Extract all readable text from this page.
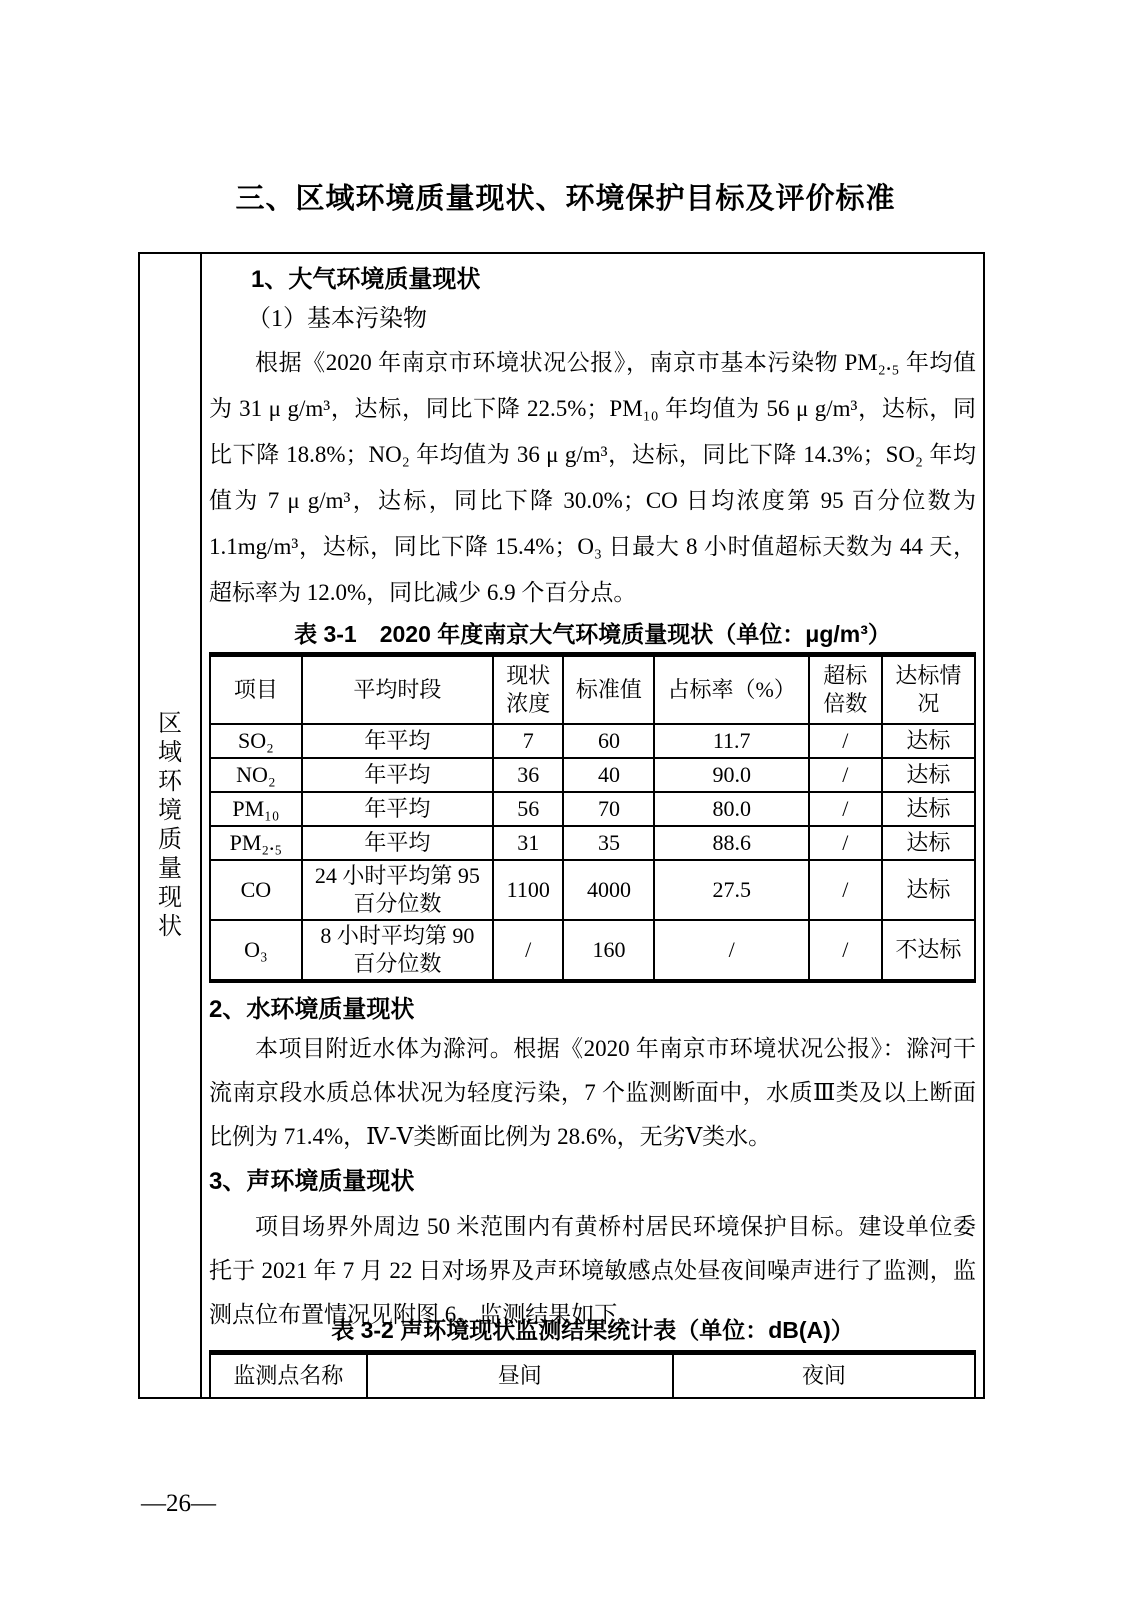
三、区域环境质量现状、环境保护目标及评价标准
区域环境质量现状

1、大气环境质量现状

（1）基本污染物

根据《2020 年南京市环境状况公报》，南京市基本污染物 PM₂.₅ 年均值为 31 μ g/m³，达标，同比下降 22.5%；PM₁₀ 年均值为 56 μ g/m³，达标，同比下降 18.8%；NO₂ 年均值为 36 μ g/m³，达标，同比下降 14.3%；SO₂ 年均值为 7 μ g/m³，达标，同比下降 30.0%；CO 日均浓度第 95 百分位数为 1.1mg/m³，达标，同比下降 15.4%；O₃ 日最大 8 小时值超标天数为 44 天，超标率为 12.0%，同比减少 6.9 个百分点。

表 3-1　2020 年度南京大气环境质量现状（单位：μg/m³）
项目	平均时段	现状浓度	标准值	占标率（%）	超标倍数	达标情况
SO₂	年平均	7	60	11.7	/	达标
NO₂	年平均	36	40	90.0	/	达标
PM₁₀	年平均	56	70	80.0	/	达标
PM₂.₅	年平均	31	35	88.6	/	达标
CO	24 小时平均第 95 百分位数	1100	4000	27.5	/	达标
O₃	8 小时平均第 90 百分位数	/	160	/	/	不达标

2、水环境质量现状

本项目附近水体为滁河。根据《2020 年南京市环境状况公报》：滁河干流南京段水质总体状况为轻度污染，7 个监测断面中，水质Ⅲ类及以上断面比例为 71.4%，Ⅳ-Ⅴ类断面比例为 28.6%，无劣Ⅴ类水。

3、声环境质量现状

项目场界外周边 50 米范围内有黄桥村居民环境保护目标。建设单位委托于 2021 年 7 月 22 日对场界及声环境敏感点处昼夜间噪声进行了监测，监测点位布置情况见附图 6。监测结果如下。

表 3-2 声环境现状监测结果统计表（单位：dB(A)）
监测点名称	昼间	夜间
—26—
